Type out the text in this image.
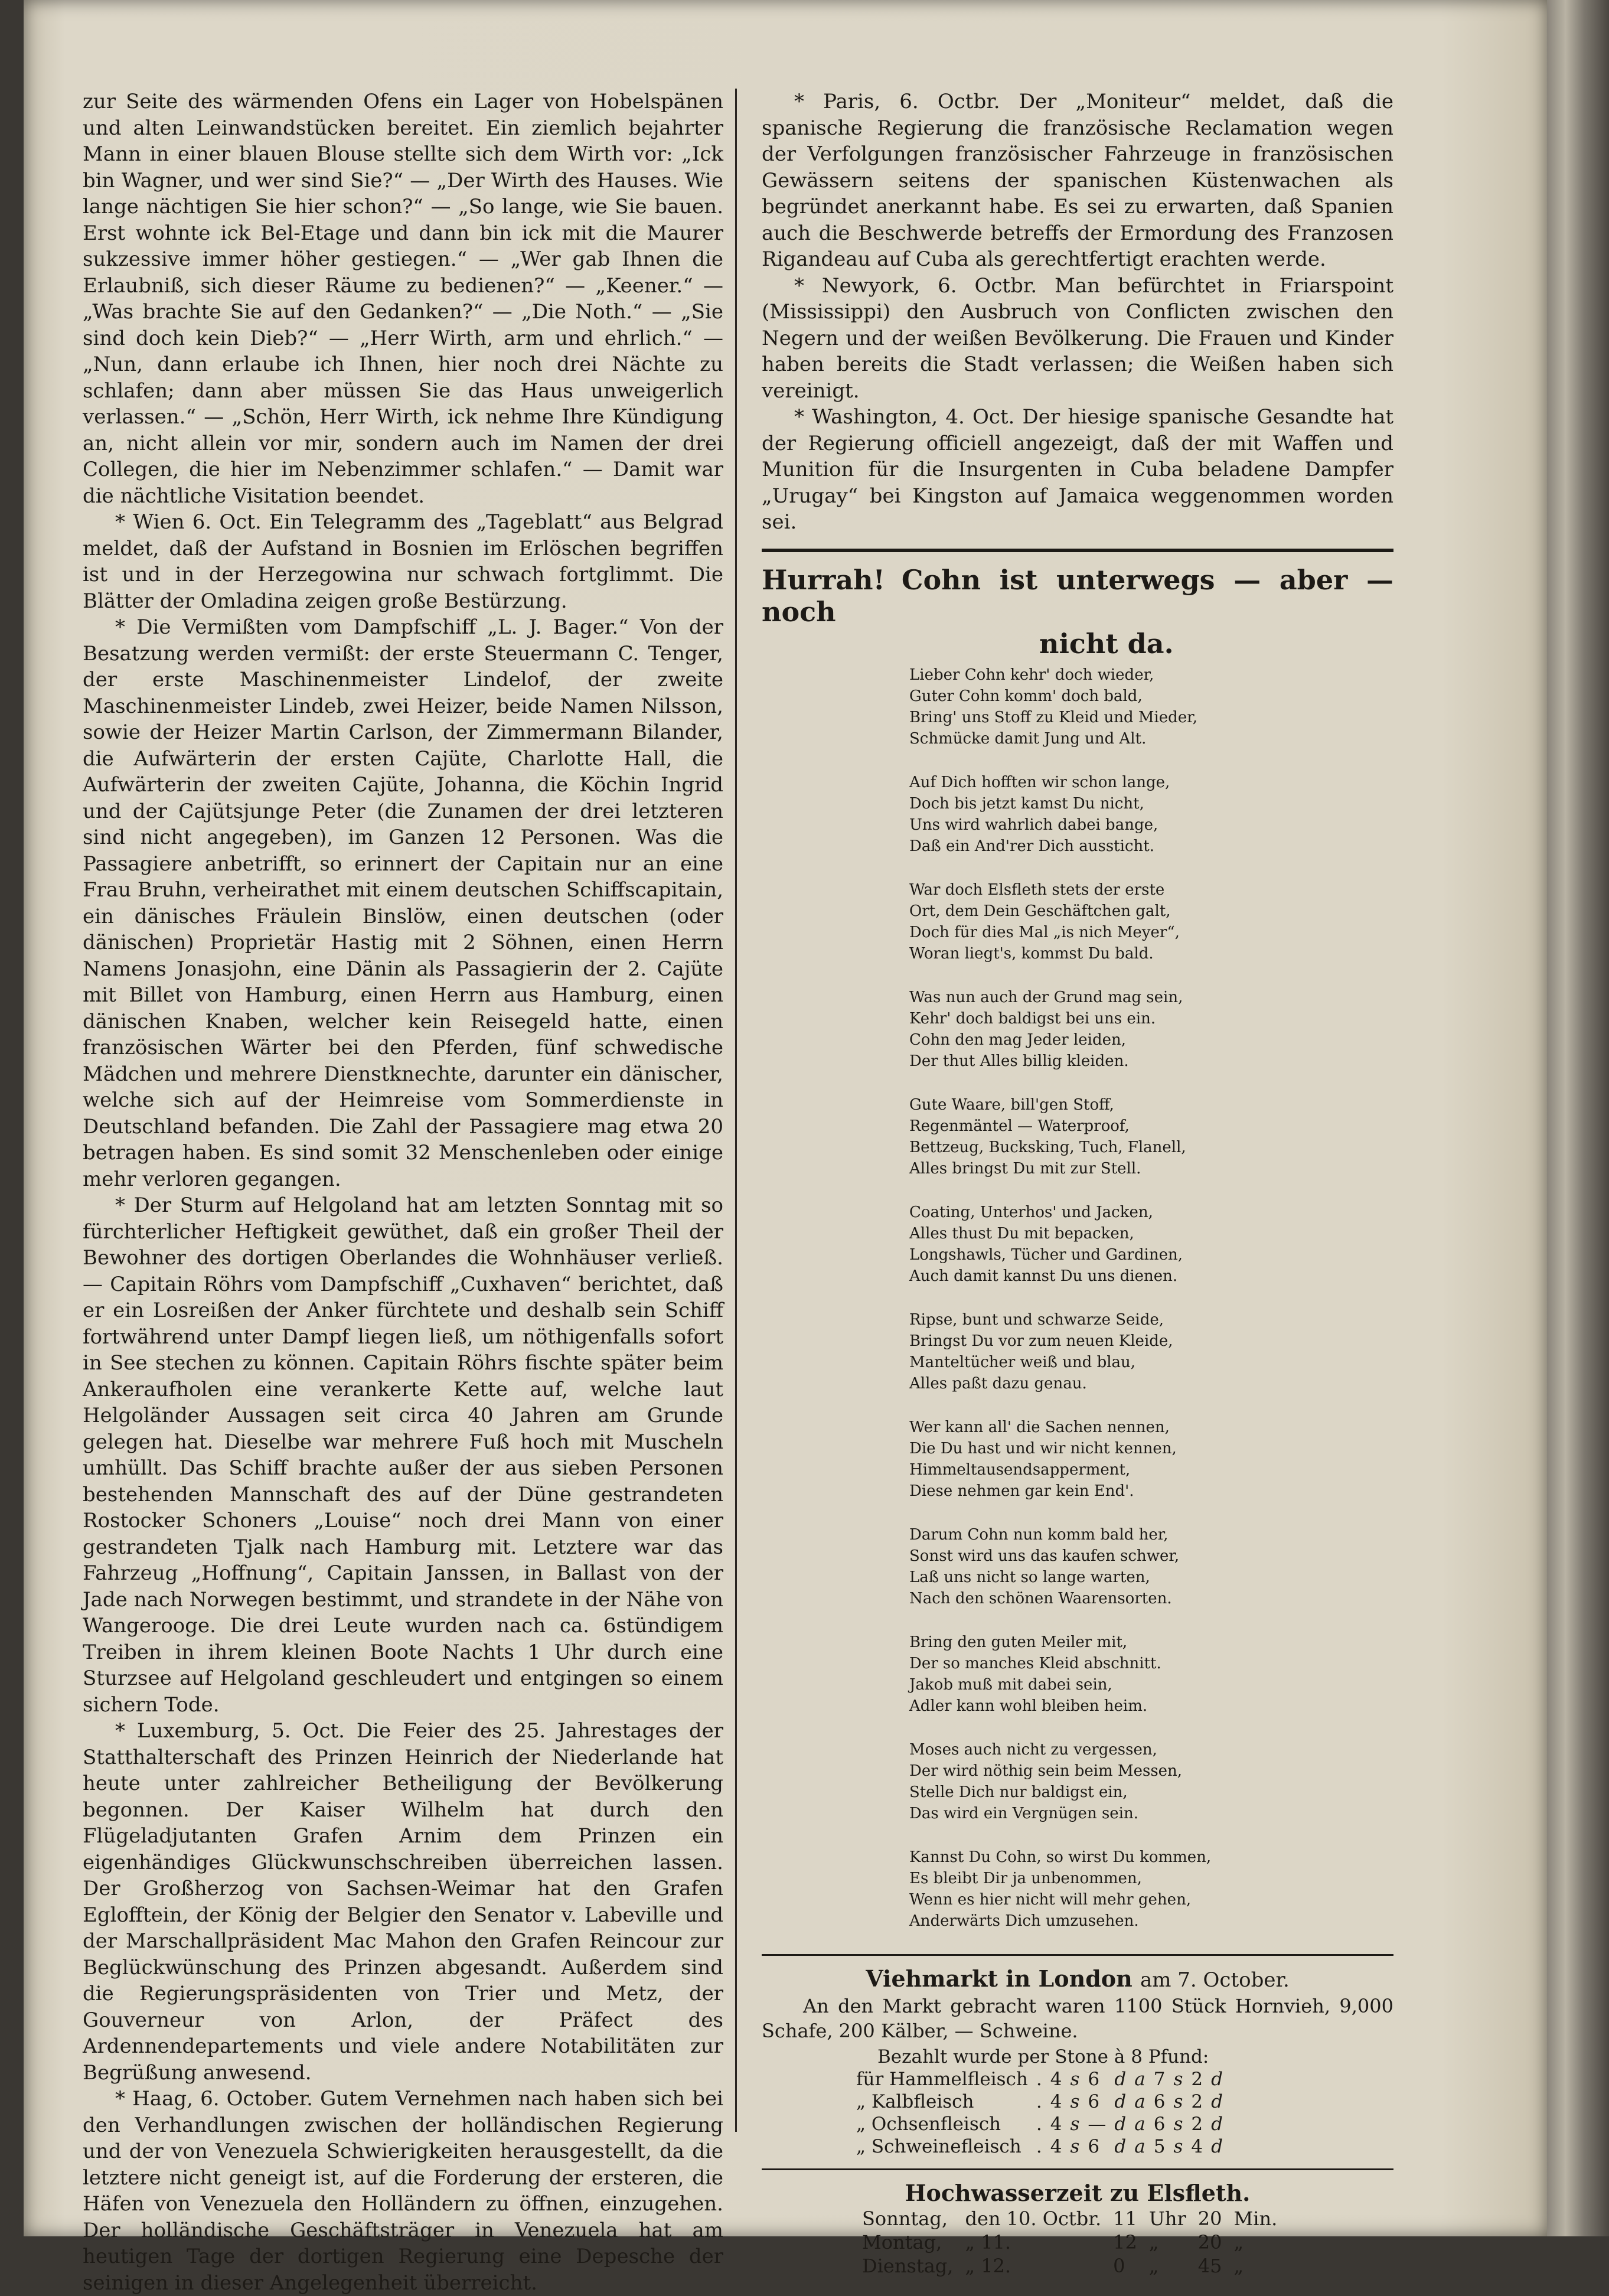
zur Seite des wärmenden Ofens ein Lager von Hobelspänen und alten Leinwandstücken bereitet. Ein ziemlich bejahrter Mann in einer blauen Blouse stellte sich dem Wirth vor: „Ick bin Wagner, und wer sind Sie?“ — „Der Wirth des Hauses. Wie lange nächtigen Sie hier schon?“ — „So lange, wie Sie bauen. Erst wohnte ick Bel-Etage und dann bin ick mit die Maurer sukzessive immer höher gestiegen.“ — „Wer gab Ihnen die Erlaubniß, sich dieser Räume zu bedienen?“ — „Keener.“ — „Was brachte Sie auf den Gedanken?“ — „Die Noth.“ — „Sie sind doch kein Dieb?“ — „Herr Wirth, arm und ehrlich.“ — „Nun, dann erlaube ich Ihnen, hier noch drei Nächte zu schlafen; dann aber müssen Sie das Haus unweigerlich verlassen.“ — „Schön, Herr Wirth, ick nehme Ihre Kündigung an, nicht allein vor mir, sondern auch im Namen der drei Collegen, die hier im Nebenzimmer schlafen.“ — Damit war die nächtliche Visitation beendet.

* Wien 6. Oct. Ein Telegramm des „Tageblatt“ aus Belgrad meldet, daß der Aufstand in Bosnien im Erlöschen begriffen ist und in der Herzegowina nur schwach fortglimmt. Die Blätter der Omladina zeigen große Bestürzung.

* Die Vermißten vom Dampfschiff „L. J. Bager.“ Von der Besatzung werden vermißt: der erste Steuermann C. Tenger, der erste Maschinenmeister Lindelof, der zweite Maschinenmeister Lindeb, zwei Heizer, beide Namen Nilsson, sowie der Heizer Martin Carlson, der Zimmermann Bilander, die Aufwärterin der ersten Cajüte, Charlotte Hall, die Aufwärterin der zweiten Cajüte, Johanna, die Köchin Ingrid und der Cajütsjunge Peter (die Zunamen der drei letzteren sind nicht angegeben), im Ganzen 12 Personen. Was die Passagiere anbetrifft, so erinnert der Capitain nur an eine Frau Bruhn, verheirathet mit einem deutschen Schiffscapitain, ein dänisches Fräulein Binslöw, einen deutschen (oder dänischen) Proprietär Hastig mit 2 Söhnen, einen Herrn Namens Jonasjohn, eine Dänin als Passagierin der 2. Cajüte mit Billet von Hamburg, einen Herrn aus Hamburg, einen dänischen Knaben, welcher kein Reisegeld hatte, einen französischen Wärter bei den Pferden, fünf schwedische Mädchen und mehrere Dienstknechte, darunter ein dänischer, welche sich auf der Heimreise vom Sommerdienste in Deutschland befanden. Die Zahl der Passagiere mag etwa 20 betragen haben. Es sind somit 32 Menschenleben oder einige mehr verloren gegangen.

* Der Sturm auf Helgoland hat am letzten Sonntag mit so fürchterlicher Heftigkeit gewüthet, daß ein großer Theil der Bewohner des dortigen Oberlandes die Wohnhäuser verließ. — Capitain Röhrs vom Dampfschiff „Cuxhaven“ berichtet, daß er ein Losreißen der Anker fürchtete und deshalb sein Schiff fortwährend unter Dampf liegen ließ, um nöthigenfalls sofort in See stechen zu können. Capitain Röhrs fischte später beim Ankeraufholen eine verankerte Kette auf, welche laut Helgoländer Aussagen seit circa 40 Jahren am Grunde gelegen hat. Dieselbe war mehrere Fuß hoch mit Muscheln umhüllt. Das Schiff brachte außer der aus sieben Personen bestehenden Mannschaft des auf der Düne gestrandeten Rostocker Schoners „Louise“ noch drei Mann von einer gestrandeten Tjalk nach Hamburg mit. Letztere war das Fahrzeug „Hoffnung“, Capitain Janssen, in Ballast von der Jade nach Norwegen bestimmt, und strandete in der Nähe von Wangerooge. Die drei Leute wurden nach ca. 6stündigem Treiben in ihrem kleinen Boote Nachts 1 Uhr durch eine Sturzsee auf Helgoland geschleudert und entgingen so einem sichern Tode.

* Luxemburg, 5. Oct. Die Feier des 25. Jahrestages der Statthalterschaft des Prinzen Heinrich der Niederlande hat heute unter zahlreicher Betheiligung der Bevölkerung begonnen. Der Kaiser Wilhelm hat durch den Flügeladjutanten Grafen Arnim dem Prinzen ein eigenhändiges Glückwunschschreiben überreichen lassen. Der Großherzog von Sachsen-Weimar hat den Grafen Eglofftein, der König der Belgier den Senator v. Labeville und der Marschallpräsident Mac Mahon den Grafen Reincour zur Beglückwünschung des Prinzen abgesandt. Außerdem sind die Regierungspräsidenten von Trier und Metz, der Gouverneur von Arlon, der Präfect des Ardennendepartements und viele andere Notabilitäten zur Begrüßung anwesend.

* Haag, 6. October. Gutem Vernehmen nach haben sich bei den Verhandlungen zwischen der holländischen Regierung und der von Venezuela Schwierigkeiten herausgestellt, da die letztere nicht geneigt ist, auf die Forderung der ersteren, die Häfen von Venezuela den Holländern zu öffnen, einzugehen. Der holländische Geschäftsträger in Venezuela hat am heutigen Tage der dortigen Regierung eine Depesche der seinigen in dieser Angelegenheit überreicht.

* Paris, 6. Octbr. Der „Moniteur“ meldet, daß die spanische Regierung die französische Reclamation wegen der Verfolgungen französischer Fahrzeuge in französischen Gewässern seitens der spanischen Küstenwachen als begründet anerkannt habe. Es sei zu erwarten, daß Spanien auch die Beschwerde betreffs der Ermordung des Franzosen Rigandeau auf Cuba als gerechtfertigt erachten werde.

* Newyork, 6. Octbr. Man befürchtet in Friarspoint (Mississippi) den Ausbruch von Conflicten zwischen den Negern und der weißen Bevölkerung. Die Frauen und Kinder haben bereits die Stadt verlassen; die Weißen haben sich vereinigt.

* Washington, 4. Oct. Der hiesige spanische Gesandte hat der Regierung officiell angezeigt, daß der mit Waffen und Munition für die Insurgenten in Cuba beladene Dampfer „Urugay“ bei Kingston auf Jamaica weggenommen worden sei.

Hurrah! Cohn ist unterwegs — aber — noch
nicht da.
Lieber Cohn kehr' doch wieder,
Guter Cohn komm' doch bald,
Bring' uns Stoff zu Kleid und Mieder,
Schmücke damit Jung und Alt.
Auf Dich hofften wir schon lange,
Doch bis jetzt kamst Du nicht,
Uns wird wahrlich dabei bange,
Daß ein And'rer Dich aussticht.
War doch Elsfleth stets der erste
Ort, dem Dein Geschäftchen galt,
Doch für dies Mal „is nich Meyer“,
Woran liegt's, kommst Du bald.
Was nun auch der Grund mag sein,
Kehr' doch baldigst bei uns ein.
Cohn den mag Jeder leiden,
Der thut Alles billig kleiden.
Gute Waare, bill'gen Stoff,
Regenmäntel — Waterproof,
Bettzeug, Bucksking, Tuch, Flanell,
Alles bringst Du mit zur Stell.
Coating, Unterhos' und Jacken,
Alles thust Du mit bepacken,
Longshawls, Tücher und Gardinen,
Auch damit kannst Du uns dienen.
Ripse, bunt und schwarze Seide,
Bringst Du vor zum neuen Kleide,
Manteltücher weiß und blau,
Alles paßt dazu genau.
Wer kann all' die Sachen nennen,
Die Du hast und wir nicht kennen,
Himmeltausendsapperment,
Diese nehmen gar kein End'.
Darum Cohn nun komm bald her,
Sonst wird uns das kaufen schwer,
Laß uns nicht so lange warten,
Nach den schönen Waarensorten.
Bring den guten Meiler mit,
Der so manches Kleid abschnitt.
Jakob muß mit dabei sein,
Adler kann wohl bleiben heim.
Moses auch nicht zu vergessen,
Der wird nöthig sein beim Messen,
Stelle Dich nur baldigst ein,
Das wird ein Vergnügen sein.
Kannst Du Cohn, so wirst Du kommen,
Es bleibt Dir ja unbenommen,
Wenn es hier nicht will mehr gehen,
Anderwärts Dich umzusehen.
Viehmarkt in London am 7. October.

An den Markt gebracht waren 1100 Stück Hornvieh, 9,000 Schafe, 200 Kälber, — Schweine.

Bezahlt wurde per Stone à 8 Pfund:
für Hammelfleisch	.	4	s	6	d	a	7	s	2	d
„ Kalbfleisch	.	4	s	6	d	a	6	s	2	d
„ Ochsenfleisch	.	4	s	—	d	a	6	s	2	d
„ Schweinefleisch	.	4	s	6	d	a	5	s	4	d
Hochwasserzeit zu Elsfleth.
Sonntag,	den 10. Octbr.	11	Uhr	20	Min.
Montag,	„ 11.	12	„	20	„
Dienstag,	„ 12.	0	„	45	„
